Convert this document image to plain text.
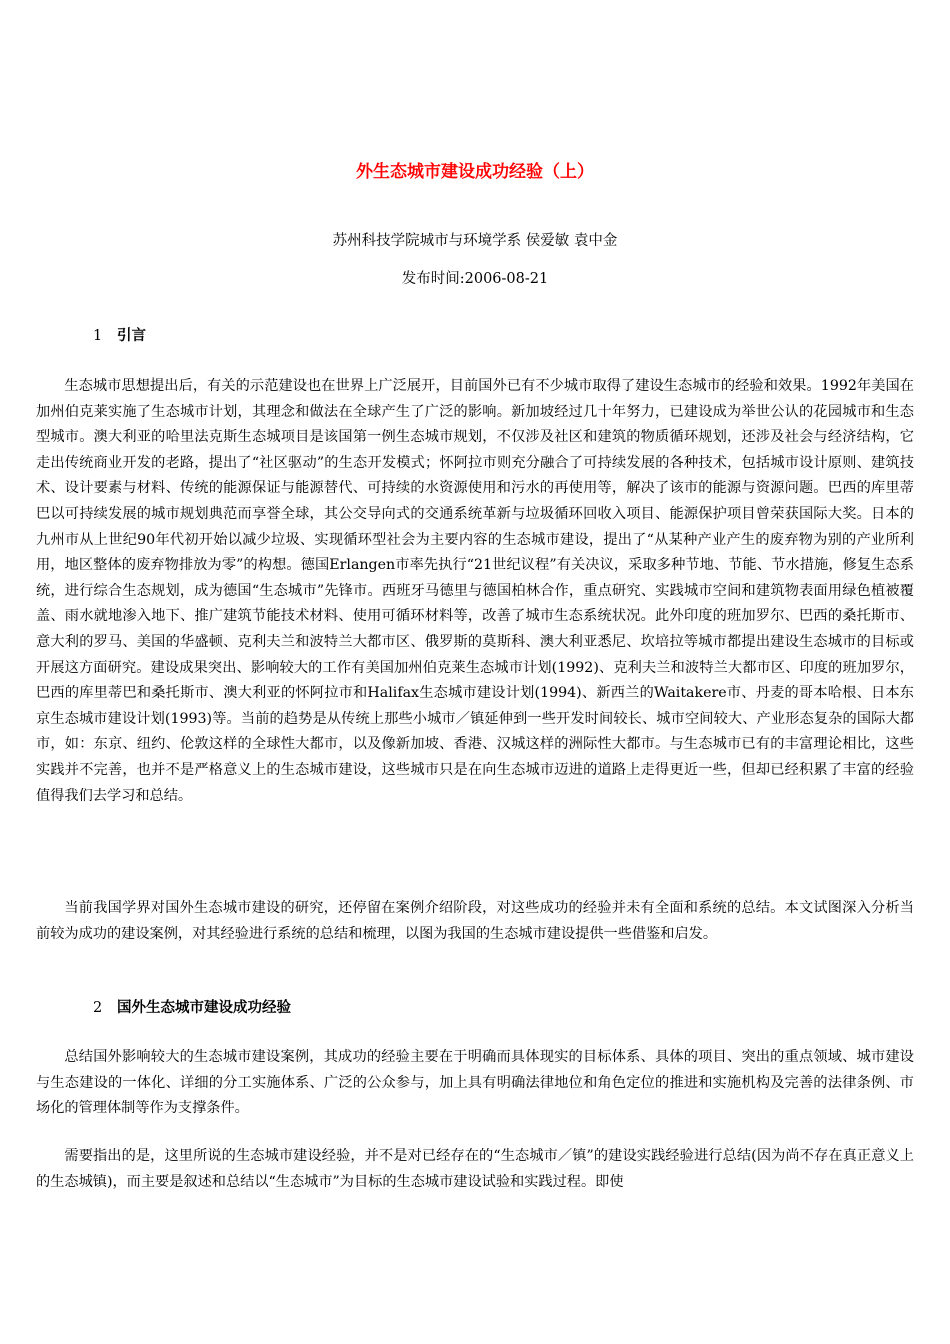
外生态城市建设成功经验（上）
苏州科技学院城市与环境学系 侯爱敏 袁中金
发布时间:2006-08-21
1 引言

生态城市思想提出后，有关的示范建设也在世界上广泛展开，目前国外已有不少城市取得了建设生态城市的经验和效果。1992年美国在加州伯克莱实施了生态城市计划，其理念和做法在全球产生了广泛的影响。新加坡经过几十年努力，已建设成为举世公认的花园城市和生态型城市。澳大利亚的哈里法克斯生态城项目是该国第一例生态城市规划，不仅涉及社区和建筑的物质循环规划，还涉及社会与经济结构，它走出传统商业开发的老路，提出了“社区驱动”的生态开发模式；怀阿拉市则充分融合了可持续发展的各种技术，包括城市设计原则、建筑技术、设计要素与材料、传统的能源保证与能源替代、可持续的水资源使用和污水的再使用等，解决了该市的能源与资源问题。巴西的库里蒂巴以可持续发展的城市规划典范而享誉全球，其公交导向式的交通系统革新与垃圾循环回收入项目、能源保护项目曾荣获国际大奖。日本的九州市从上世纪90年代初开始以减少垃圾、实现循环型社会为主要内容的生态城市建设，提出了“从某种产业产生的废弃物为别的产业所利用，地区整体的废弃物排放为零”的构想。德国Erlangen市率先执行“21世纪议程”有关决议，采取多种节地、节能、节水措施，修复生态系统，进行综合生态规划，成为德国“生态城市”先锋市。西班牙马德里与德国柏林合作，重点研究、实践城市空间和建筑物表面用绿色植被覆盖、雨水就地渗入地下、推广建筑节能技术材料、使用可循环材料等，改善了城市生态系统状况。此外印度的班加罗尔、巴西的桑托斯市、意大利的罗马、美国的华盛顿、克利夫兰和波特兰大都市区、俄罗斯的莫斯科、澳大利亚悉尼、坎培拉等城市都提出建设生态城市的目标或开展这方面研究。建设成果突出、影响较大的工作有美国加州伯克莱生态城市计划(1992)、克利夫兰和波特兰大都市区、印度的班加罗尔，巴西的库里蒂巴和桑托斯市、澳大利亚的怀阿拉市和Halifax生态城市建设计划(1994)、新西兰的Waitakere市、丹麦的哥本哈根、日本东京生态城市建设计划(1993)等。当前的趋势是从传统上那些小城市／镇延伸到一些开发时间较长、城市空间较大、产业形态复杂的国际大都市，如：东京、纽约、伦敦这样的全球性大都市，以及像新加坡、香港、汉城这样的洲际性大都市。与生态城市已有的丰富理论相比，这些实践并不完善，也并不是严格意义上的生态城市建设，这些城市只是在向生态城市迈进的道路上走得更近一些，但却已经积累了丰富的经验值得我们去学习和总结。

当前我国学界对国外生态城市建设的研究，还停留在案例介绍阶段，对这些成功的经验并未有全面和系统的总结。本文试图深入分析当前较为成功的建设案例，对其经验进行系统的总结和梳理，以图为我国的生态城市建设提供一些借鉴和启发。

2 国外生态城市建设成功经验

总结国外影响较大的生态城市建设案例，其成功的经验主要在于明确而具体现实的目标体系、具体的项目、突出的重点领域、城市建设与生态建设的一体化、详细的分工实施体系、广泛的公众参与，加上具有明确法律地位和角色定位的推进和实施机构及完善的法律条例、市场化的管理体制等作为支撑条件。

需要指出的是，这里所说的生态城市建设经验，并不是对已经存在的“生态城市／镇”的建设实践经验进行总结(因为尚不存在真正意义上的生态城镇)，而主要是叙述和总结以“生态城市”为目标的生态城市建设试验和实践过程。即使
